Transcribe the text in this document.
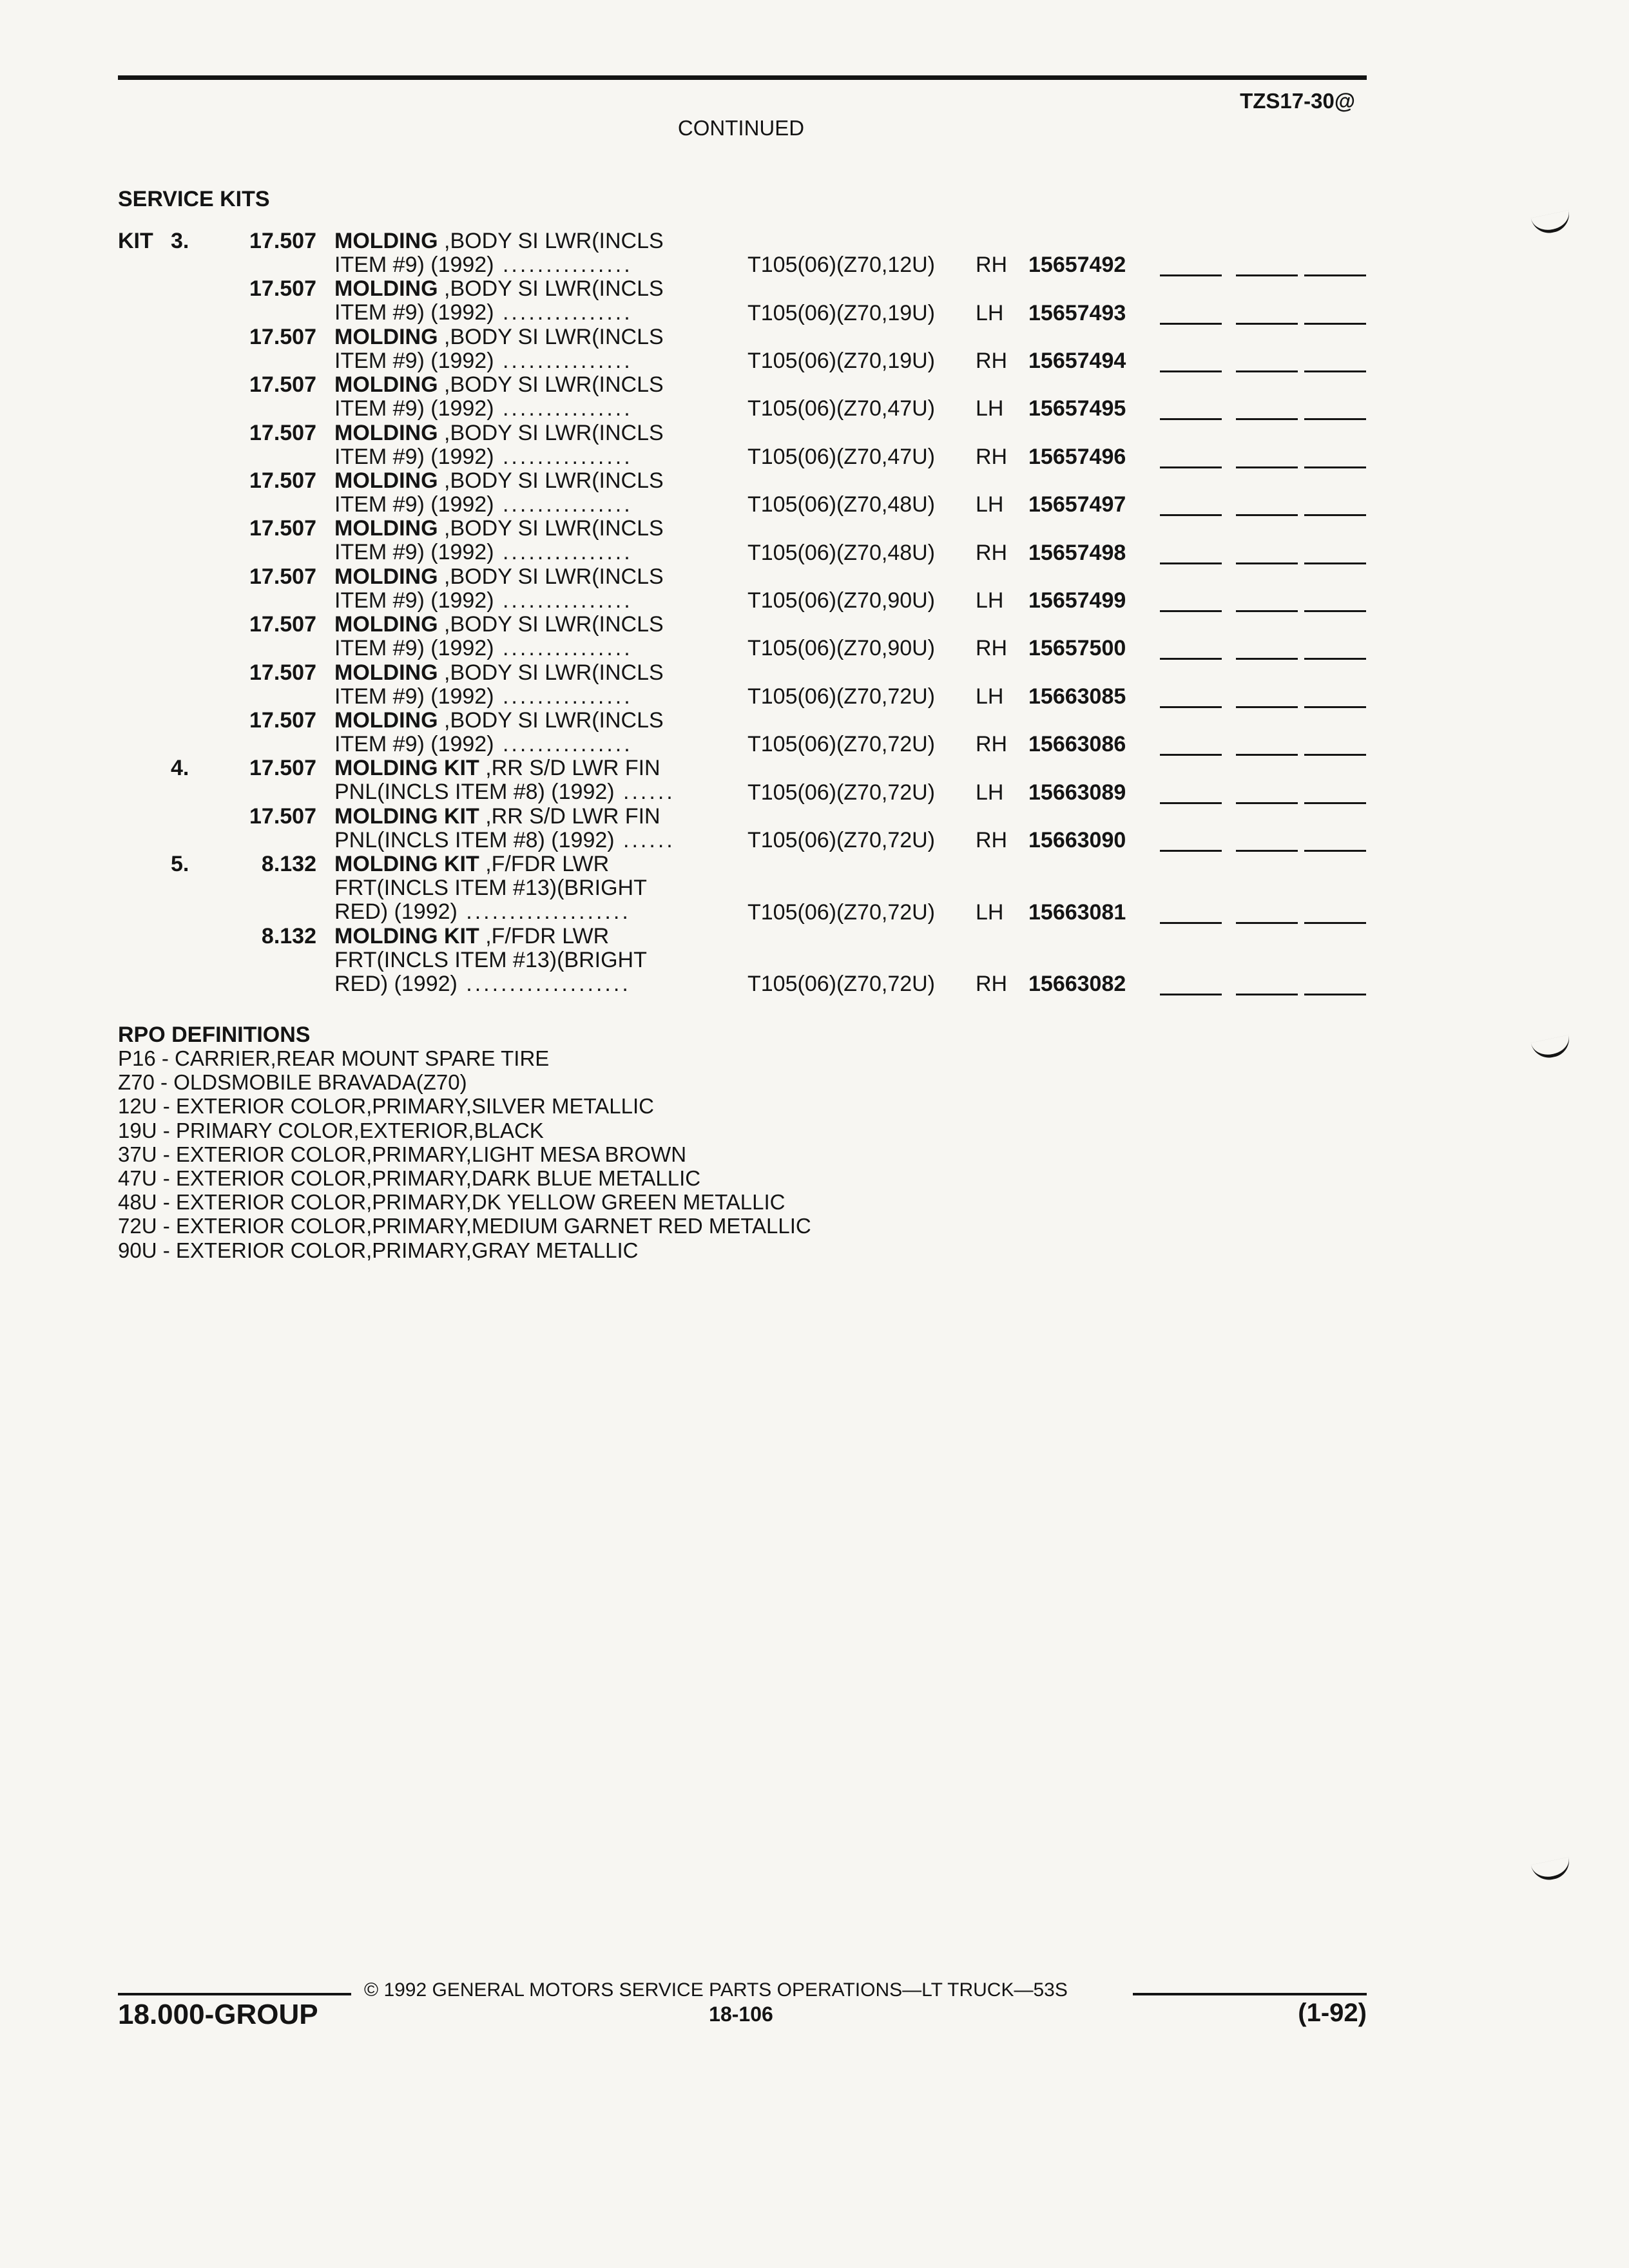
TZS17-30@
CONTINUED
SERVICE KITS
KIT 3.	17.507 MOLDING ,BODY SI LWR(INCLS
ITEM #9) (1992) ...............	T105(06)(Z70,12U) RH 15657492
17.507 MOLDING ,BODY SI LWR(INCLS
ITEM #9) (1992) ...............	T105(06)(Z70,19U) LH 15657493
17.507 MOLDING ,BODY SI LWR(INCLS
ITEM #9) (1992) ...............	T105(06)(Z70,19U) RH 15657494
17.507 MOLDING ,BODY SI LWR(INCLS
ITEM #9) (1992) ...............	T105(06)(Z70,47U) LH 15657495
17.507 MOLDING ,BODY SI LWR(INCLS
ITEM #9) (1992) ...............	T105(06)(Z70,47U) RH 15657496
17.507 MOLDING ,BODY SI LWR(INCLS
ITEM #9) (1992) ...............	T105(06)(Z70,48U) LH 15657497
17.507 MOLDING ,BODY SI LWR(INCLS
ITEM #9) (1992) ...............	T105(06)(Z70,48U) RH 15657498
17.507 MOLDING ,BODY SI LWR(INCLS
ITEM #9) (1992) ...............	T105(06)(Z70,90U) LH 15657499
17.507 MOLDING ,BODY SI LWR(INCLS
ITEM #9) (1992) ...............	T105(06)(Z70,90U) RH 15657500
17.507 MOLDING ,BODY SI LWR(INCLS
ITEM #9) (1992) ...............	T105(06)(Z70,72U) LH 15663085
17.507 MOLDING ,BODY SI LWR(INCLS
ITEM #9) (1992) ...............	T105(06)(Z70,72U) RH 15663086
4.	17.507 MOLDING KIT ,RR S/D LWR FIN
PNL(INCLS ITEM #8) (1992) ......	T105(06)(Z70,72U) LH 15663089
17.507 MOLDING KIT ,RR S/D LWR FIN
PNL(INCLS ITEM #8) (1992) ......	T105(06)(Z70,72U) RH 15663090
5.	8.132 MOLDING KIT ,F/FDR LWR
FRT(INCLS ITEM #13)(BRIGHT
RED) (1992) ...................	T105(06)(Z70,72U) LH 15663081
8.132 MOLDING KIT ,F/FDR LWR
FRT(INCLS ITEM #13)(BRIGHT
RED) (1992) ...................	T105(06)(Z70,72U) RH 15663082
RPO DEFINITIONS
P16 - CARRIER,REAR MOUNT SPARE TIRE
Z70 - OLDSMOBILE BRAVADA(Z70)
12U - EXTERIOR COLOR,PRIMARY,SILVER METALLIC
19U - PRIMARY COLOR,EXTERIOR,BLACK
37U - EXTERIOR COLOR,PRIMARY,LIGHT MESA BROWN
47U - EXTERIOR COLOR,PRIMARY,DARK BLUE METALLIC
48U - EXTERIOR COLOR,PRIMARY,DK YELLOW GREEN METALLIC
72U - EXTERIOR COLOR,PRIMARY,MEDIUM GARNET RED METALLIC
90U - EXTERIOR COLOR,PRIMARY,GRAY METALLIC
© 1992 GENERAL MOTORS SERVICE PARTS OPERATIONS—LT TRUCK—53S
18.000-GROUP	18-106	(1-92)
